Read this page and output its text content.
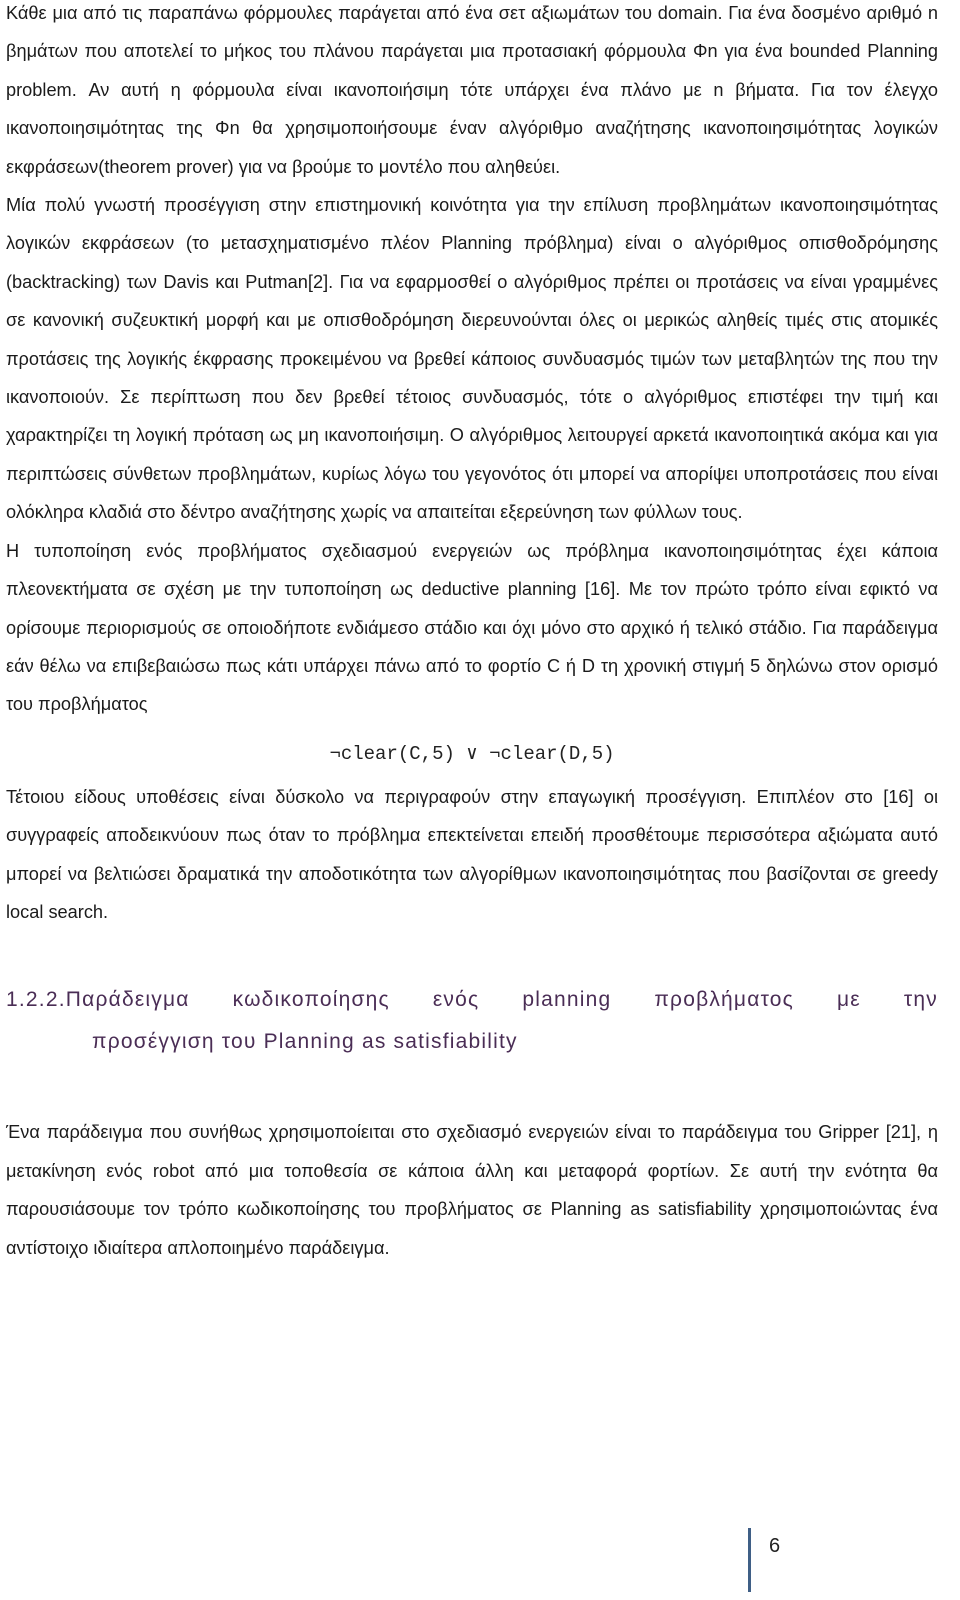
Κάθε μια από τις παραπάνω φόρμουλες παράγεται από ένα σετ αξιωμάτων του domain. Για ένα δοσμένο αριθμό n βημάτων που αποτελεί το μήκος του πλάνου παράγεται μια προτασιακή φόρμουλα Φn για ένα bounded Planning problem. Αν αυτή η φόρμουλα είναι ικανοποιήσιμη τότε υπάρχει ένα πλάνο με n βήματα. Για τον έλεγχο ικανοποιησιμότητας της Φn θα χρησιμοποιήσουμε έναν αλγόριθμο αναζήτησης ικανοποιησιμότητας λογικών εκφράσεων(theorem prover) για να βρούμε το μοντέλο που αληθεύει.

Μία πολύ γνωστή προσέγγιση στην επιστημονική κοινότητα για την επίλυση προβλημάτων ικανοποιησιμότητας λογικών εκφράσεων (το μετασχηματισμένο πλέον Planning πρόβλημα) είναι ο αλγόριθμος οπισθοδρόμησης (backtracking) των Davis και Putman[2]. Για να εφαρμοσθεί ο αλγόριθμος πρέπει οι προτάσεις να είναι γραμμένες σε κανονική συζευκτική μορφή και με οπισθοδρόμηση διερευνούνται όλες οι μερικώς αληθείς τιμές στις ατομικές προτάσεις της λογικής έκφρασης προκειμένου να βρεθεί κάποιος συνδυασμός τιμών των μεταβλητών της που την ικανοποιούν. Σε περίπτωση που δεν βρεθεί τέτοιος συνδυασμός, τότε ο αλγόριθμος επιστέφει την τιμή και χαρακτηρίζει τη λογική πρόταση ως μη ικανοποιήσιμη. Ο αλγόριθμος λειτουργεί αρκετά ικανοποιητικά ακόμα και για περιπτώσεις σύνθετων προβλημάτων, κυρίως λόγω του γεγονότος ότι μπορεί να απορίψει υποπροτάσεις που είναι ολόκληρα κλαδιά στο δέντρο αναζήτησης χωρίς να απαιτείται εξερεύνηση των φύλλων τους.

Η τυποποίηση ενός προβλήματος σχεδιασμού ενεργειών ως πρόβλημα ικανοποιησιμότητας έχει κάποια πλεονεκτήματα σε σχέση με την τυποποίηση ως deductive planning [16]. Με τον πρώτο τρόπο είναι εφικτό να ορίσουμε περιορισμούς σε οποιοδήποτε ενδιάμεσο στάδιο και όχι μόνο στο αρχικό ή τελικό στάδιο. Για παράδειγμα εάν θέλω να επιβεβαιώσω πως κάτι υπάρχει πάνω από το φορτίο C ή D τη χρονική στιγμή 5 δηλώνω στον ορισμό του προβλήματος

¬clear(C,5) ∨ ¬clear(D,5)

Τέτοιου είδους υποθέσεις είναι δύσκολο να περιγραφούν στην επαγωγική προσέγγιση. Επιπλέον στο [16] οι συγγραφείς αποδεικνύουν πως όταν το πρόβλημα επεκτείνεται επειδή προσθέτουμε περισσότερα αξιώματα αυτό μπορεί να βελτιώσει δραματικά την αποδοτικότητα των αλγορίθμων ικανοποιησιμότητας που βασίζονται σε greedy local search.

1.2.2.Παράδειγμα κωδικοποίησης ενός planning προβλήματος με την
προσέγγιση του Planning as satisfiability

Ένα παράδειγμα που συνήθως χρησιμοποίειται στο σχεδιασμό ενεργειών είναι το παράδειγμα του Gripper [21], η μετακίνηση ενός robot από μια τοποθεσία σε κάποια άλλη και μεταφορά φορτίων. Σε αυτή την ενότητα θα παρουσιάσουμε τον τρόπο κωδικοποίησης του προβλήματος σε Planning as satisfiability χρησιμοποιώντας ένα αντίστοιχο ιδιαίτερα απλοποιημένο παράδειγμα.

6
